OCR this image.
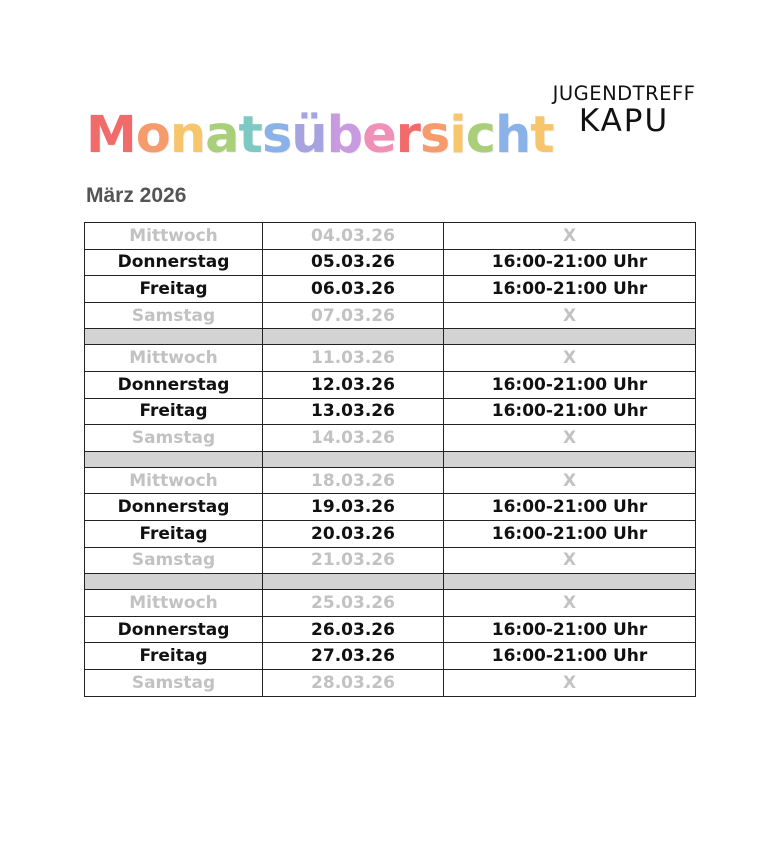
Monatsübersicht
JUGENDTREFF
KAPU
März 2026
Mittwoch	04.03.26	X
Donnerstag	05.03.26	16:00-21:00 Uhr
Freitag	06.03.26	16:00-21:00 Uhr
Samstag	07.03.26	X

Mittwoch	11.03.26	X
Donnerstag	12.03.26	16:00-21:00 Uhr
Freitag	13.03.26	16:00-21:00 Uhr
Samstag	14.03.26	X

Mittwoch	18.03.26	X
Donnerstag	19.03.26	16:00-21:00 Uhr
Freitag	20.03.26	16:00-21:00 Uhr
Samstag	21.03.26	X

Mittwoch	25.03.26	X
Donnerstag	26.03.26	16:00-21:00 Uhr
Freitag	27.03.26	16:00-21:00 Uhr
Samstag	28.03.26	X
